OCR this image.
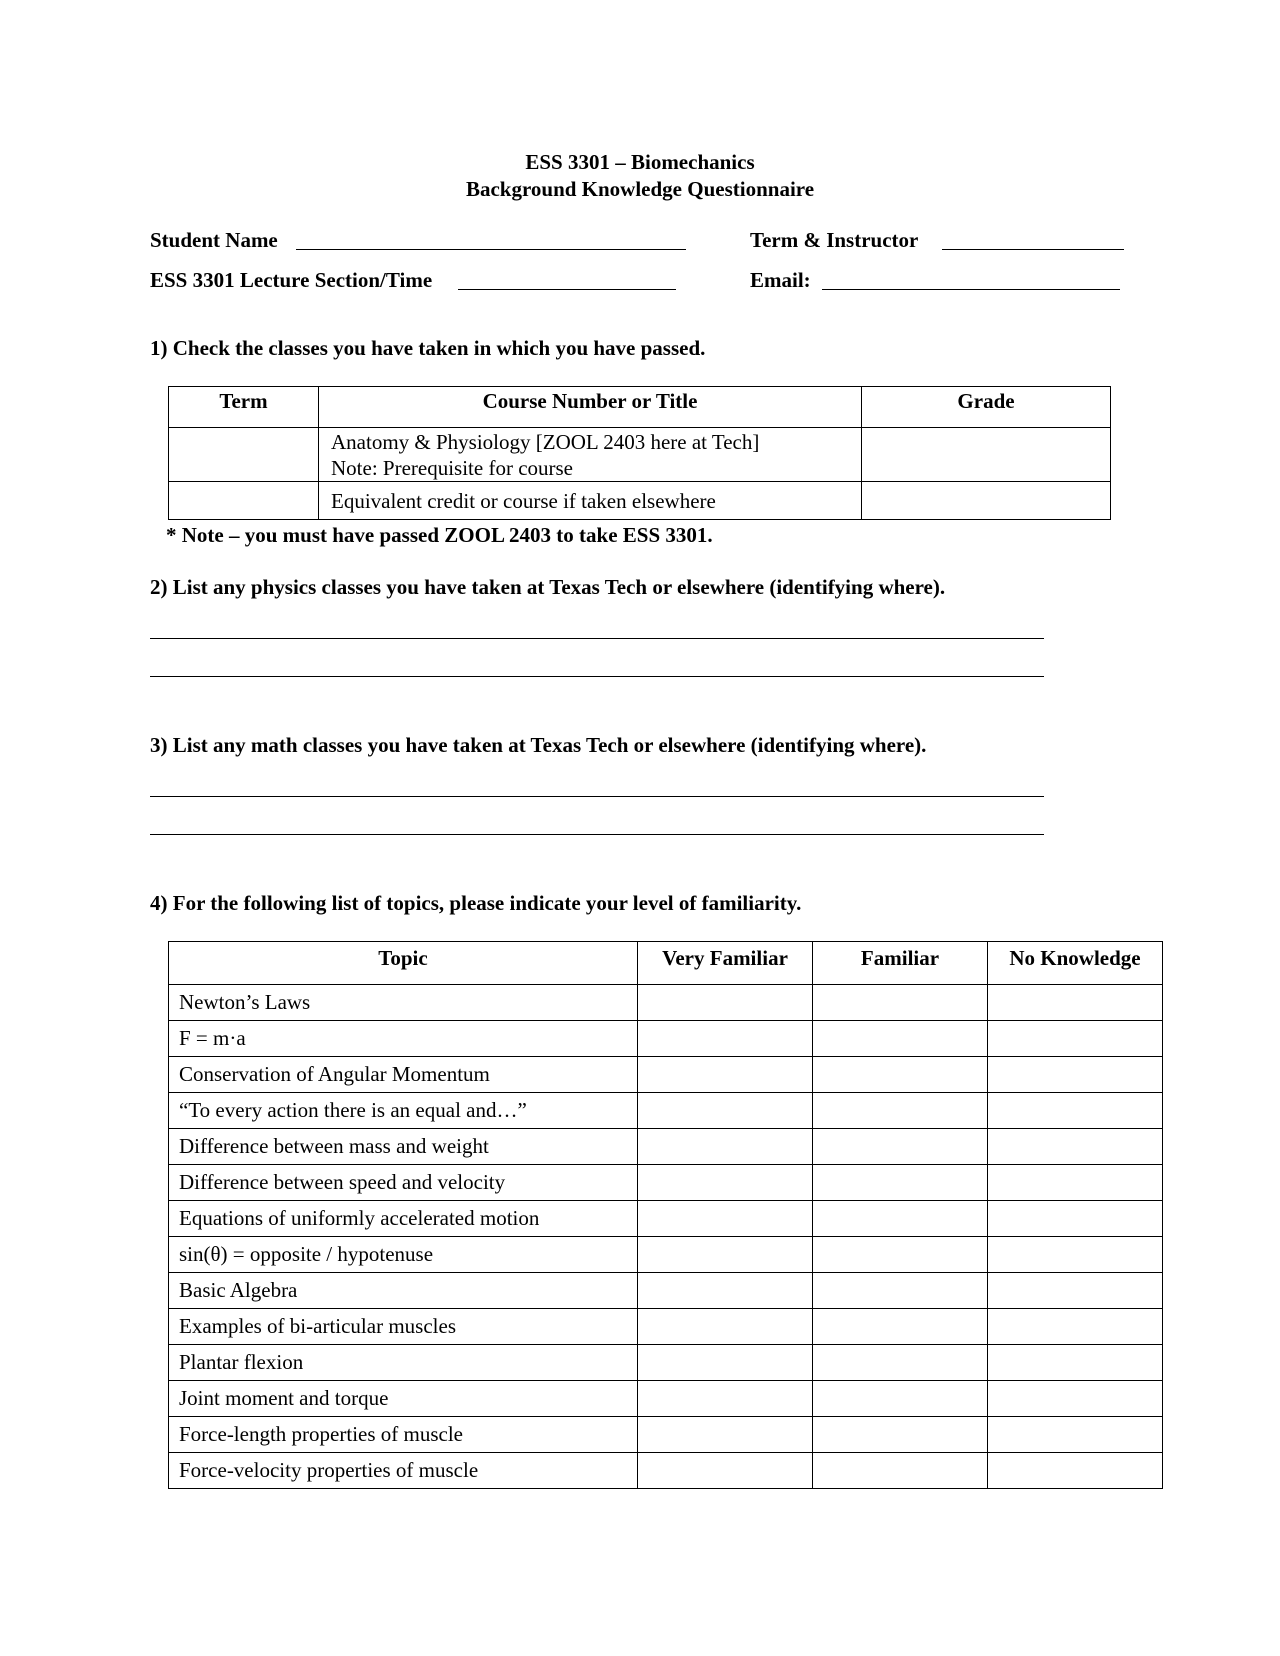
ESS 3301 – Biomechanics
Background Knowledge Questionnaire
Student Name	Term & Instructor
ESS 3301 Lecture Section/Time	Email:
1) Check the classes you have taken in which you have passed.
Term	Course Number or Title	Grade

	Anatomy & Physiology [ZOOL 2403 here at Tech]
Note: Prerequisite for course	

	Equivalent credit or course if taken elsewhere	

* Note – you must have passed ZOOL 2403 to take ESS 3301.
2) List any physics classes you have taken at Texas Tech or elsewhere (identifying where).
3) List any math classes you have taken at Texas Tech or elsewhere (identifying where).
4) For the following list of topics, please indicate your level of familiarity.
Topic	Very Familiar	Familiar	No Knowledge
Newton’s Laws			
F = m·a			
Conservation of Angular Momentum			
“To every action there is an equal and…”			
Difference between mass and weight			
Difference between speed and velocity			
Equations of uniformly accelerated motion			
sin(θ) = opposite / hypotenuse			
Basic Algebra			
Examples of bi-articular muscles			
Plantar flexion			
Joint moment and torque			
Force-length properties of muscle			
Force-velocity properties of muscle			
